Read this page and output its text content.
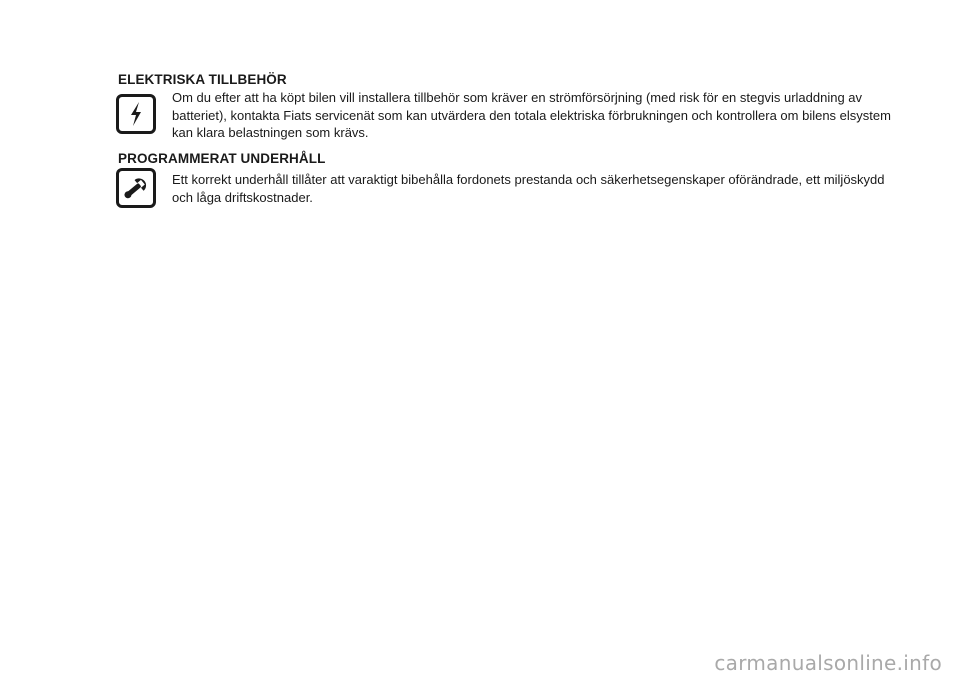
ELEKTRISKA TILLBEHÖR

Om du efter att ha köpt bilen vill installera tillbehör som kräver en strömförsörjning (med risk för en stegvis urladdning av batteriet), kontakta Fiats servicenät som kan utvärdera den totala elektriska förbrukningen och kontrollera om bilens elsystem kan klara belastningen som krävs.

PROGRAMMERAT UNDERHÅLL

Ett korrekt underhåll tillåter att varaktigt bibehålla fordonets prestanda och säkerhetsegenskaper oförändrade, ett miljöskydd och låga driftskostnader.

carmanualsonline.info
